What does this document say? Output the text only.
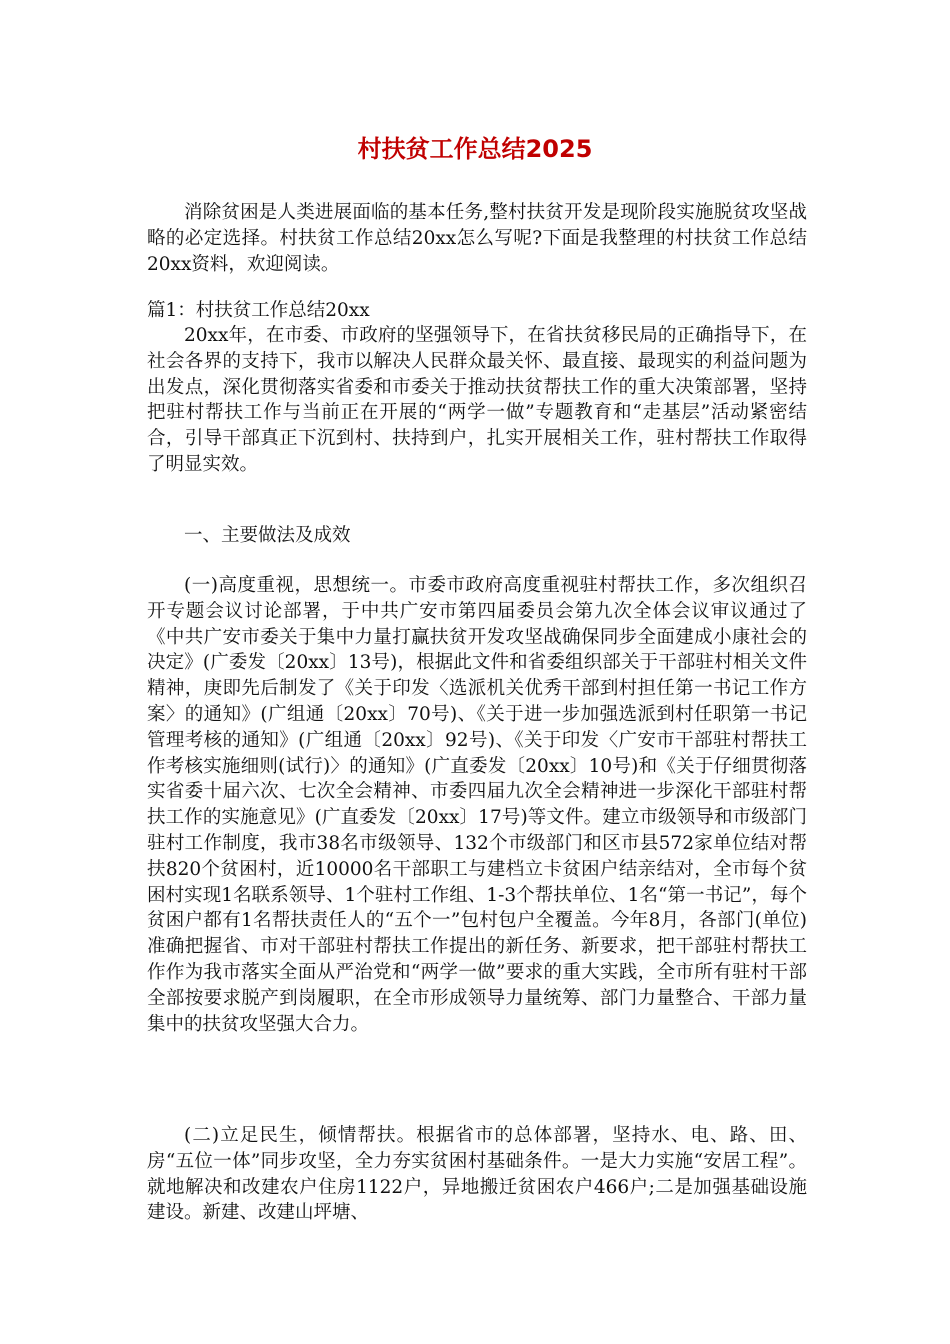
村扶贫工作总结2025

消除贫困是人类进展面临的基本任务,整村扶贫开发是现阶段实施脱贫攻坚战略的必定选择。村扶贫工作总结20xx怎么写呢?下面是我整理的村扶贫工作总结20xx资料，欢迎阅读。

篇1：村扶贫工作总结20xx

20xx年，在市委、市政府的坚强领导下，在省扶贫移民局的正确指导下，在社会各界的支持下，我市以解决人民群众最关怀、最直接、最现实的利益问题为出发点，深化贯彻落实省委和市委关于推动扶贫帮扶工作的重大决策部署，坚持把驻村帮扶工作与当前正在开展的“两学一做”专题教育和“走基层”活动紧密结合，引导干部真正下沉到村、扶持到户，扎实开展相关工作，驻村帮扶工作取得了明显实效。

一、主要做法及成效

(一)高度重视，思想统一。市委市政府高度重视驻村帮扶工作，多次组织召开专题会议讨论部署，于中共广安市第四届委员会第九次全体会议审议通过了《中共广安市委关于集中力量打赢扶贫开发攻坚战确保同步全面建成小康社会的决定》(广委发〔20xx〕13号)，根据此文件和省委组织部关于干部驻村相关文件精神，庚即先后制发了《关于印发〈选派机关优秀干部到村担任第一书记工作方案〉的通知》(广组通〔20xx〕70号)、《关于进一步加强选派到村任职第一书记管理考核的通知》(广组通〔20xx〕92号)、《关于印发〈广安市干部驻村帮扶工作考核实施细则(试行)〉的通知》(广直委发〔20xx〕10号)和《关于仔细贯彻落实省委十届六次、七次全会精神、市委四届九次全会精神进一步深化干部驻村帮扶工作的实施意见》(广直委发〔20xx〕17号)等文件。建立市级领导和市级部门驻村工作制度，我市38名市级领导、132个市级部门和区市县572家单位结对帮扶820个贫困村，近10000名干部职工与建档立卡贫困户结亲结对，全市每个贫困村实现1名联系领导、1个驻村工作组、1-3个帮扶单位、1名“第一书记”，每个贫困户都有1名帮扶责任人的“五个一”包村包户全覆盖。今年8月，各部门(单位)准确把握省、市对干部驻村帮扶工作提出的新任务、新要求，把干部驻村帮扶工作作为我市落实全面从严治党和“两学一做”要求的重大实践，全市所有驻村干部全部按要求脱产到岗履职，在全市形成领导力量统筹、部门力量整合、干部力量集中的扶贫攻坚强大合力。

(二)立足民生，倾情帮扶。根据省市的总体部署，坚持水、电、路、田、房“五位一体”同步攻坚，全力夯实贫困村基础条件。一是大力实施“安居工程”。就地解决和改建农户住房1122户，异地搬迁贫困农户466户;二是加强基础设施建设。新建、改建山坪塘、
